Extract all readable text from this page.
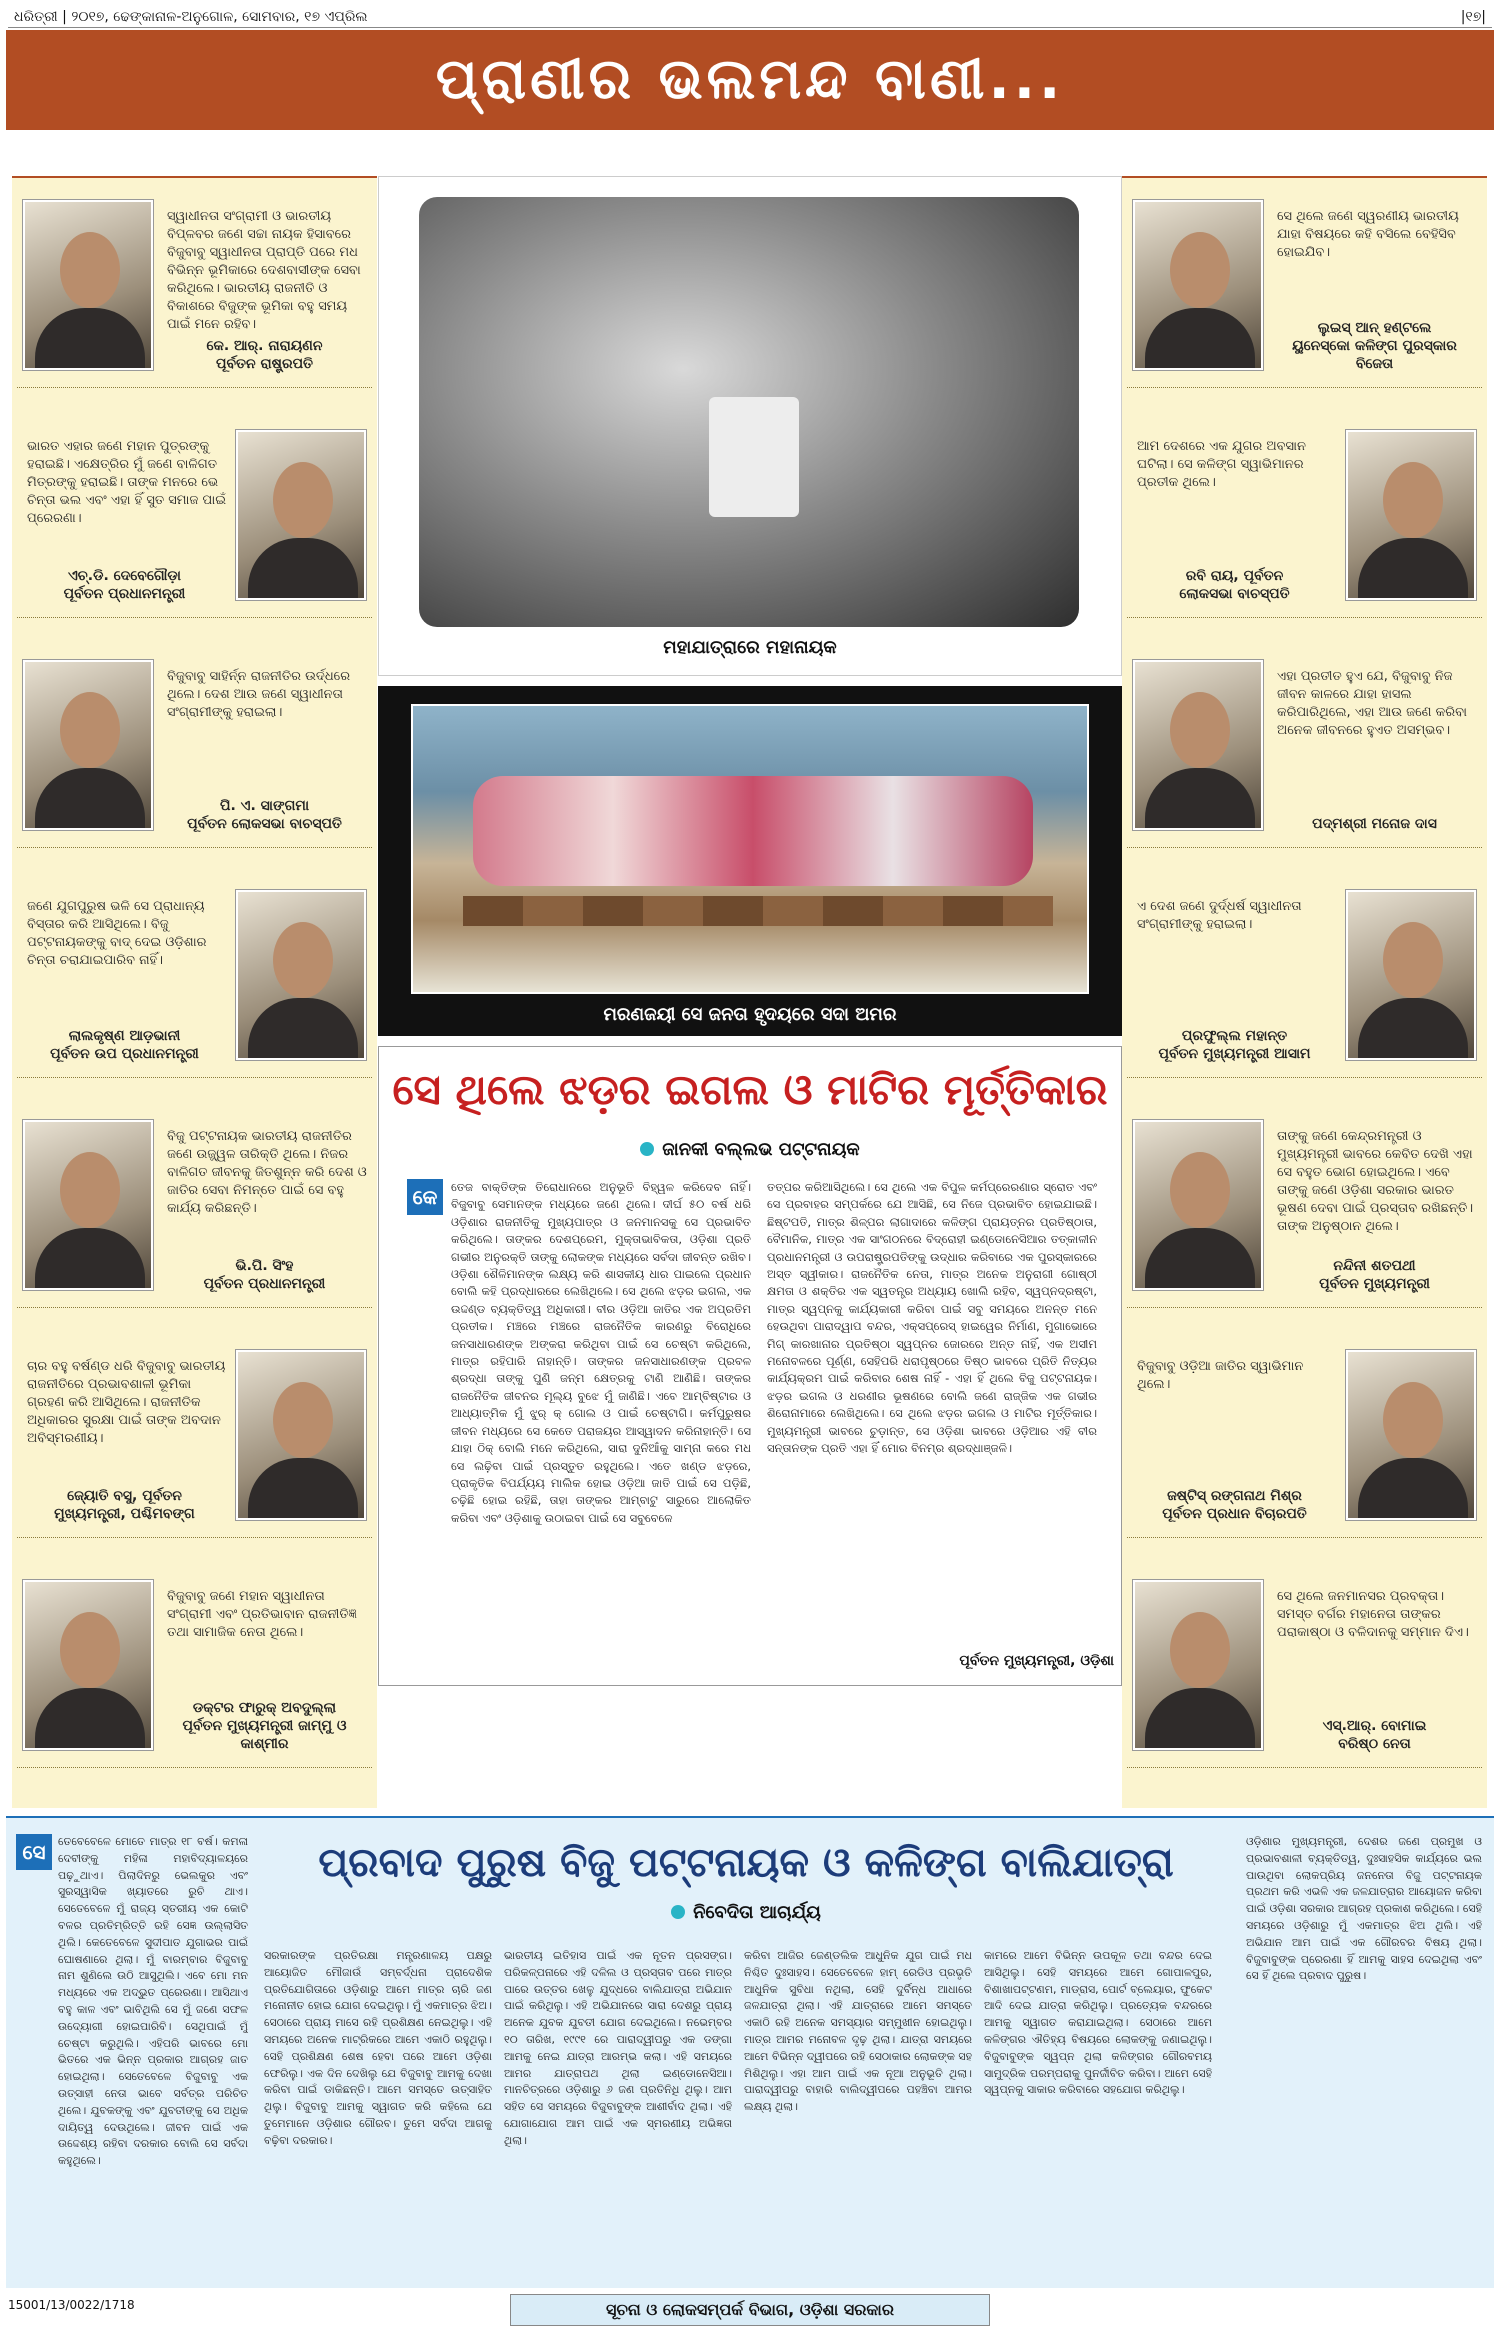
ଧରିତ୍ରୀ | ୨୦୧୭, ଢେଙ୍କାନାଳ-ଅନୁଗୋଳ, ସୋମବାର, ୧୭ ଏପ୍ରିଲ	|୧୭|
ପ୍ରାଣୀର ଭଲମନ୍ଦ ବାଣୀ...
ସ୍ୱାଧୀନତା ସଂଗ୍ରାମୀ ଓ ଭାରତୀୟ ବିପ୍ଳବର ଜଣେ ସଚ୍ଚା ନାୟକ ହିସାବରେ ବିଜୁବାବୁ ସ୍ୱାଧୀନତା ପ୍ରାପ୍ତି ପରେ ମଧ ବିଭିନ୍ନ ଭୂମିକାରେ ଦେଶବାସୀଙ୍କ ସେବା କରିଥିଲେ। ଭାରତୀୟ ରାଜନୀତି ଓ ବିକାଶରେ ବିଜୁଙ୍କ ଭୂମିକା ବହୁ ସମୟ ପାଇଁ ମନେ ରହିବ।
କେ. ଆର୍. ନାରାୟଣନ
ପୂର୍ବତନ ରାଷ୍ଟ୍ରପତି
ଭାରତ ଏହାର ଜଣେ ମହାନ ପୁତ୍ରଙ୍କୁ ହରାଇଛି। ଏକ୍ଷେତ୍ରିର ମୁଁ ଜଣେ ବାଳିଗତ ମିତ୍ରଙ୍କୁ ହରାଇଛି। ତାଙ୍କ ମନରେ ଭେ ଚିନ୍ତା ଭଲ ଏବଂ ଏହା ହିଁ ସୁତ ସମାଜ ପାଇଁ ପ୍ରେରଣା।
ଏଚ୍.ଡି. ଦେବେଗୌଡ଼ା
ପୂର୍ବତନ ପ୍ରଧାନମନ୍ତ୍ରୀ
ବିଜୁବାବୁ ସାହିର୍ନ୍ନ ରାଜନୀତିର ଉର୍ଦ୍ଧରେ ଥିଲେ। ଦେଶ ଆଉ ଜଣେ ସ୍ୱାଧୀନତା ସଂଗ୍ରାମୀଙ୍କୁ ହରାଇଲା।
ପି. ଏ. ସାଙ୍ଗମା
ପୂର୍ବତନ ଲୋକସଭା ବାଚସ୍ପତି
ଜଣେ ଯୁଗପୁରୁଷ ଭଳି ସେ ପ୍ରାଧାନ୍ୟ ବିସ୍ତାର କରି ଆସିଥିଲେ। ବିଜୁ ପଟ୍ଟନାୟକଙ୍କୁ ବାଦ୍ ଦେଇ ଓଡ଼ିଶାର ଚିନ୍ତା ଚରାଯାଇପାରିବ ନାହିଁ।
ଲାଲକୃଷ୍ଣ ଆଡ଼ଭାନୀ
ପୂର୍ବତନ ଉପ ପ୍ରଧାନମନ୍ତ୍ରୀ
ବିଜୁ ପଟ୍ଟନାୟକ ଭାରତୀୟ ରାଜନୀତିର ଜଣେ ଉଜ୍ଜ୍ୱଳ ତାରିକ୍ତି ଥିଲେ। ନିଜର ବାଳିଗତ ଜୀବନକୁ ଜିତଶୁନ୍ନ କରି ଦେଶ ଓ ଜାତିର ସେବା ନିମନ୍ତେ ପାଇଁ ସେ ବହୁ କାର୍ଯ୍ୟ କରିଛନ୍ତି।
ଭି.ପି. ସିଂହ
ପୂର୍ବତନ ପ୍ରଧାନମନ୍ତ୍ରୀ
ଚାର ବହୁ ବର୍ଷଣ୍ଡ ଧରି ବିଜୁବାବୁ ଭାରତୀୟ ରାଜନୀତିରେ ପ୍ରଭାବଶାଳୀ ଭୂମିକା ଗ୍ରହଣ କରି ଆସିଥିଲେ। ରାଜନୀତିକ ଅଧିକାରର ସୁରକ୍ଷା ପାଇଁ ତାଙ୍କ ଅବଦାନ ଅବିସ୍ମରଣୀୟ।
ଜ୍ୟୋତି ବସୁ, ପୂର୍ବତନ
ମୁଖ୍ୟମନ୍ତ୍ରୀ, ପଶ୍ଚିମବଙ୍ଗ
ବିଜୁବାବୁ ଜଣେ ମହାନ ସ୍ୱାଧୀନତା ସଂଗ୍ରାମୀ ଏବଂ ପ୍ରତିଭାବାନ ରାଜନୀତିଜ୍ଞ ତଥା ସାମାଜିକ ନେତା ଥିଲେ।
ଡକ୍ଟର ଫାରୁକ୍ ଅବଦୁଲ୍ଲା
ପୂର୍ବତନ ମୁଖ୍ୟମନ୍ତ୍ରୀ ଜାମ୍ମୁ ଓ କାଶ୍ମୀର
ସେ ଥିଲେ ଜଣେ ସ୍ୱରଣୀୟ ଭାରତୀୟ ଯାହା ବିଷୟରେ କହି ବସିଲେ ବେହିସିବ ହୋଇଯିବ।
ଲୁଇସ୍ ଆନ୍ ହଣ୍ଟଲେ
ୟୁନେସ୍କୋ କଳିଙ୍ଗ ପୁରସ୍କାର ବିଜେତା
ଆମ ଦେଶରେ ଏକ ଯୁଗର ଅବସାନ ଘଟିଲା। ସେ କଳିଙ୍ଗ ସ୍ୱାଭିମାନର ପ୍ରତୀକ ଥିଲେ।
ରବି ରାୟ, ପୂର୍ବତନ
ଲୋକସଭା ବାଚସ୍ପତି
ଏହା ପ୍ରତୀତ ହୁଏ ଯେ, ବିଜୁବାବୁ ନିଜ ଜୀବନ କାଳରେ ଯାହା ହାସଲ କରିପାରିଥିଲେ, ଏହା ଆଉ ଜଣେ କରିବା ଅନେକ ଜୀବନରେ ହୁଏତ ଅସମ୍ଭବ।
ପଦ୍ମଶ୍ରୀ ମନୋଜ ଦାସ
ଏ ଦେଶ ଜଣେ ଦୁର୍ଦ୍ଧର୍ଷ ସ୍ୱାଧୀନତା ସଂଗ୍ରାମୀଙ୍କୁ ହରାଇଲା।
ପ୍ରଫୁଲ୍ଲ ମହାନ୍ତ
ପୂର୍ବତନ ମୁଖ୍ୟମନ୍ତ୍ରୀ ଆସାମ
ତାଙ୍କୁ ଜଣେ କେନ୍ଦ୍ରମନ୍ତ୍ରୀ ଓ ମୁଖ୍ୟମନ୍ତ୍ରୀ ଭାବରେ କେବିତ ଦେଖି ଏହା ସେ ବହୁତ ଭୋଗ ହୋଇଥିଲେ। ଏବେ ତାଙ୍କୁ ଜଣେ ଓଡ଼ିଶା ସରକାର ଭାରତ ଭୂଷଣ ଦେବା ପାଇଁ ପ୍ରସ୍ତାବ ରଖିଛନ୍ତି। ତାଙ୍କ ଅନୁଷ୍ଠାନ ଥିଲେ।
ନନ୍ଦିନୀ ଶତପଥୀ
ପୂର୍ବତନ ମୁଖ୍ୟମନ୍ତ୍ରୀ
ବିଜୁବାବୁ ଓଡ଼ିଆ ଜାତିର ସ୍ୱାଭିମାନ ଥିଲେ।
ଜଷ୍ଟିସ୍ ରଙ୍ଗନାଥ ମିଶ୍ର
ପୂର୍ବତନ ପ୍ରଧାନ ବିଚାରପତି
ସେ ଥିଲେ ଜନମାନସର ପ୍ରବକ୍ତା। ସମସ୍ତ ବର୍ଗର ମହାନେତା ତାଙ୍କର ପରାକାଷ୍ଠା ଓ ବଳିଦାନକୁ ସମ୍ମାନ ଦିଏ।
ଏସ୍.ଆର୍. ବୋମାଇ
ବରିଷ୍ଠ ନେତା
ମହାଯାତ୍ରାରେ ମହାନାୟକ
ମରଣଜୟୀ ସେ ଜନତା ହୃଦୟରେ ସଦା ଅମର
ସେ ଥିଲେ ଝଡ଼ର ଇଗଲ ଓ ମାଟିର ମୂର୍ତ୍ତିକାର
ଜାନକୀ ବଲ୍ଲଭ ପଟ୍ଟନାୟକ
କେ	ତେଜ ବାକ୍ତିଙ୍କ ତିରୋଧାନରେ ଅନୁଭୂତି ବିହ୍ୱଳ କରିଦେବ ନାହିଁ। ବିଜୁବାବୁ ସେମାନଙ୍କ ମଧ୍ୟରେ ଜଣେ ଥିଲେ। ଦୀର୍ଘ ୫୦ ବର୍ଷ ଧରି ଓଡ଼ିଶାର ରାଜନୀତିକୁ ମୁଖ୍ୟପାତ୍ର ଓ ଜନମାନସକୁ ସେ ପ୍ରଭାବିତ କରିଥିଲେ। ତାଙ୍କର ଦେଶପ୍ରେମ, ମୁକ୍ତାଭାବିକତା, ଓଡ଼ିଶା ପ୍ରତି ଗଭୀର ଅନୁରକ୍ତି ତାଙ୍କୁ ଲୋକଙ୍କ ମଧ୍ୟରେ ସର୍ବଦା ଜୀବନ୍ତ ରଖିବ। ଓଡ଼ିଶା ଶୈଳିମାନଙ୍କ ଲକ୍ଷ୍ୟ କରି ଶାସକୀୟ ଧାର ପାଇଲେ ପ୍ରଧାନ ବୋଲି କହି ପ୍ରଦ୍ଧାରରେ ଲେଖିଥିଲେ। ସେ ଥିଲେ ଝଡ଼ର ଇଗଲ, ଏକ ଉଦ୍ଦଣ୍ଡ ବ୍ୟକ୍ତିତ୍ୱ ଅଧିକାରୀ। ବୀର ଓଡ଼ିଆ ଜାତିର ଏକ ଅପ୍ରତିମ ପ୍ରତୀକ। ମଞ୍ଚରେ ମଞ୍ଚରେ ରାଜନୈତିକ କାରଣରୁ ବିରୋଧିରେ ଜନସାଧାରଣଙ୍କ ଅଙ୍କରା କରିଥିବା ପାଇଁ ସେ ଚେଷ୍ଟା କରିଥିଲେ, ମାତ୍ର ରହିପାରି ନାହାନ୍ତି। ତାଙ୍କର ଜନସାଧାରଣଙ୍କ ପ୍ରବଳ ଶ୍ରଦ୍ଧା ତାଙ୍କୁ ପୁଣି ଜନ୍ମ କ୍ଷେତ୍ରକୁ ଟାଣି ଆଣିଛି। ତାଙ୍କର ରାଜନୈତିକ ଜୀବନର ମୂଲ୍ୟ ବୁଝେ ମୁଁ ଜାଣିଛି। ଏବେ ଆମ୍ବିଷ୍ଟାର ଓ ଆଧ୍ୟାତ୍ମିକ ମୁଁ ଝୁର୍ କ୍ ଗୋଲ ଓ ପାଇଁ ଚେଷ୍ଟାଗି। କର୍ମପୁରୁଷର ଜୀବନ ମଧ୍ୟରେ ସେ କେତେ ପରାଜୟର ଆସ୍ୱାଦନ କରିନାହାନ୍ତି। ସେ ଯାହା ଠିକ୍ ବୋଲି ମନେ କରିଥିଲେ, ସାରା ଦୁନିଆଁକୁ ସାମ୍ନା କରେ ମଧ ସେ ଲଢ଼ିବା ପାଇଁ ପ୍ରସ୍ତୁତ ରହୁଥିଲେ। ଏତେ ଖଣ୍ଡ ଝଡ଼ରେ, ପ୍ରାକୃତିକ ବିପର୍ଯ୍ୟୟ ମାଲିକ ହୋଇ ଓଡ଼ିଆ ଜାତି ପାଇଁ ସେ ପଡ଼ିଛି, ଚଢ଼ିଛି ହୋଇ ରହିଛି, ତାହା ତାଙ୍କର ଆମ୍ବାଟୁ ସାରୁରେ ଆଲୋକିତ କରିବା ଏବଂ ଓଡ଼ିଶାକୁ ଉଠାଇବା ପାଇଁ ସେ ସବୁବେଳେ
ତତ୍ପର କରିଆସିଥିଲେ। ସେ ଥିଲେ ଏକ ବିପୁଳ କର୍ମପ୍ରେରଣାର ସ୍ରୋତ ଏବଂ ସେ ପ୍ରବାହର ସମ୍ପର୍କରେ ଯେ ଆସିଛି, ସେ ନିଜେ ପ୍ରଭାବିତ ହୋଇଯାଇଛି। ଛିଷ୍ଟପତି, ମାତ୍ର ଶିଳ୍ପର ଲାଗାଦାରେ କଳିଙ୍ଗ ପ୍ରାୟତ୍ନର ପ୍ରତିଷ୍ଠାତା, ବୈମାନିକ, ମାତ୍ର ଏକ ସାଂଗଠନରେ ବିଦ୍ରୋହୀ ଇଣ୍ଡୋନେସିଆର ତତ୍କାଳୀନ ପ୍ରଧାନମନ୍ତ୍ରୀ ଓ ଉପରାଷ୍ଟ୍ରପତିଙ୍କୁ ଉଦ୍ଧାର କରିବାରେ ଏକ ପୁରସ୍କାରରେ ଅସ୍ତ ସ୍ୱୀକାର। ରାଜନୈତିକ ନେତା, ମାତ୍ର ଅନେକ ଅନୁରାଗୀ ଗୋଷ୍ଠୀ କ୍ଷମତା ଓ ଶକ୍ତିର ଏକ ସ୍ୱତନ୍ତ୍ର ଅଧ୍ୟାୟ ଖୋଲି ରହିବ, ସ୍ୱପ୍ନଦ୍ରଷ୍ଟା, ମାତ୍ର ସ୍ୱପ୍ନକୁ କାର୍ଯ୍ୟକାରୀ କରିବା ପାଇଁ ସବୁ ସମୟରେ ଅନନ୍ତ ମନେ ହେଉଥିବା ପାରାଦ୍ୱାପ ବନ୍ଦର, ଏକ୍ସପ୍ରେସ୍ ହାଇୱେର ନିର୍ମାଣ, ମୁଗାଭୋରେ ମିଗ୍ କାରଖାନାର ପ୍ରତିଷ୍ଠା ସ୍ୱପ୍ନର ଜୋରରେ ଅନ୍ତ ନାହିଁ, ଏକ ଅସୀମ ମନୋବଳରେ ପୂର୍ଣ୍ଣ, ସେହିପରି ଧରାପୃଷ୍ଠରେ ତିଷ୍ଠ ଭାବରେ ପ୍ରିତି ନିତ୍ୟର କାର୍ଯ୍ୟକ୍ରମ ପାଇଁ କରିବାର ଶେଷ ନାହିଁ - ଏହା ହିଁ ଥିଲେ ବିଜୁ ପଟ୍ଟନାୟକ। ଝଡ଼ର ଇଗଲ ଓ ଧରଣୀର ଭୂଷଣରେ ବୋଲି ଜଣେ ରାଜ୍ଜିକ ଏକ ଗଭୀର ଶିରୋନାମାରେ ଲେଖିଥିଲେ। ସେ ଥିଲେ ଝଡ଼ର ଇଗଲ ଓ ମାଟିର ମୂର୍ତ୍ତିକାର। ମୁଖ୍ୟମନ୍ତ୍ରୀ ଭାବରେ ଚୁଡ଼ାନ୍ତ, ସେ ଓଡ଼ିଶା ଭାବରେ ଓଡ଼ିଆର ଏହି ବୀର ସନ୍ତାନଙ୍କ ପ୍ରତି ଏହା ହିଁ ମୋର ବିନମ୍ର ଶ୍ରଦ୍ଧାଞ୍ଜଳି।
ପୂର୍ବତନ ମୁଖ୍ୟମନ୍ତ୍ରୀ, ଓଡ଼ିଶା
ସେ	ତେବେବେଳେ ମୋତେ ମାତ୍ର ୧୮ ବର୍ଷ। କମଳା ଦେବୀଙ୍କୁ ମହିଳା ମହାବିଦ୍ୟାଳୟରେ ପଢ଼ୁଥାଏ। ପିଲାଦିନରୁ ଭେଲକୁର ଏବଂ ସୁରସ୍ୱାସିକ ଖ୍ୟାତରେ ରୁଚି ଥାଏ। ସେତେବେଳେ ମୁଁ ରାଜ୍ୟ ସ୍ତରୀୟ ଏକ କୋଟି ବଳର ପ୍ରତିମ୍ରିତ୍ତି ରହି ସେଜ୍ଞ ଉଲ୍ଲାସିତ ଥିଲି। କେତେବେଳେ ସୁଦୀପାତ ଯୁଗାଭର ପାଇଁ ଘୋଷଣାରେ ଥିଲା। ମୁଁ ବାରମ୍ବାର ବିଜୁବାବୁ ନାମ ଶୁଣିଲେ ଉଠି ଆସୁଥିଲି। ଏବେ ମୋ ମନ ମଧ୍ୟରେ ଏକ ଅଦ୍ଭୁତ ପ୍ରେରଣା। ଆସିଥାଏ ବହୁ କାଳ ଏବଂ ଭାବିଥିଲି ସେ ମୁଁ ଜଣେ ସଫଳ ଉଦ୍ୟୋଗୀ ହୋଇପାରିବି। ସେଥିପାଇଁ ମୁଁ ଚେଷ୍ଟା କରୁଥିଲି। ଏହିପରି ଭାବରେ ମୋ ଭିତରେ ଏକ ଭିନ୍ନ ପ୍ରକାର ଆଗ୍ରହ ଜାତ ହୋଇଥିଲା। ସେତେବେଳେ ବିଜୁବାବୁ ଏକ ଉତ୍ସାହୀ ନେତା ଭାବେ ସର୍ବତ୍ର ପରିଚିତ ଥିଲେ। ଯୁବକଙ୍କୁ ଏବଂ ଯୁବତୀଙ୍କୁ ସେ ଅଧିକ ଦାୟିତ୍ୱ ଦେଉଥିଲେ। ଜୀବନ ପାଇଁ ଏକ ଉଦ୍ଦେଶ୍ୟ ରହିବା ଦରକାର ବୋଲି ସେ ସର୍ବଦା କହୁଥିଲେ।
ପ୍ରବାଦ ପୁରୁଷ ବିଜୁ ପଟ୍ଟନାୟକ ଓ କଳିଙ୍ଗ ବାଲିଯାତ୍ରା
ନିବେଦିତା ଆଚାର୍ଯ୍ୟ
ସରକାରଙ୍କ ପ୍ରତିରକ୍ଷା ମନ୍ତ୍ରଣାଳୟ ପକ୍ଷରୁ ଆୟୋଜିତ ମୌଜାଉଁ ସମ୍ବର୍ଦ୍ଧନା ପ୍ରାଦେଶିକ ପ୍ରତିଯୋଗିତାରେ ଓଡ଼ିଶାରୁ ଆମେ ମାତ୍ର ଚାରି ଜଣ ମନୋନୀତ ହୋଇ ଯୋଗ ଦେଇଥିଲୁ। ମୁଁ ଏକମାତ୍ର ଝିଅ। ସେଠାରେ ପ୍ରାୟ ମାସେ ରହି ପ୍ରଶିକ୍ଷଣ ନେଇଥିଲୁ। ଏହି ସମୟରେ ଅନେକ ମାଟ୍ରିକରେ ଆମେ ଏକାଠି ରହୁଥିଲୁ। ସେହି ପ୍ରଶିକ୍ଷଣ ଶେଷ ହେବା ପରେ ଆମେ ଓଡ଼ିଶା ଫେରିଲୁ। ଏକ ଦିନ ଦେଖିଲୁ ଯେ ବିଜୁବାବୁ ଆମକୁ ଦେଖା କରିବା ପାଇଁ ଡାକିଛନ୍ତି। ଆମେ ସମସ୍ତେ ଉତ୍ସାହିତ ଥିଲୁ। ବିଜୁବାବୁ ଆମକୁ ସ୍ୱାଗତ କରି କହିଲେ ଯେ ତୁମେମାନେ ଓଡ଼ିଶାର ଗୌରବ। ତୁମେ ସର୍ବଦା ଆଗକୁ ବଢ଼ିବା ଦରକାର।
ଭାରତୀୟ ଇତିହାସ ପାଇଁ ଏକ ନୂତନ ପ୍ରସଙ୍ଗ। ପରିକଳ୍ପନାରେ ଏହି ଦଳିଲ ଓ ପ୍ରସ୍ତାବ ପରେ ମାତ୍ର ପାରେ ଉତ୍ତର ଖେଳୁ ଯୁଦ୍ଧରେ ବାଲିଯାତ୍ରା ଅଭିଯାନ ପାଇଁ କରିଥିଲୁ। ଏହି ଅଭିଯାନରେ ସାରା ଦେଶରୁ ପ୍ରାୟ ଅନେକ ଯୁବକ ଯୁବତୀ ଯୋଗ ଦେଇଥିଲେ। ନଭେମ୍ବର ୧୦ ତାରିଖ, ୧୯୯୧ ରେ ପାରାଦ୍ୱୀପରୁ ଏକ ଡଙ୍ଗା ଆମକୁ ନେଇ ଯାତ୍ରା ଆରମ୍ଭ କଲା। ଏହି ସମୟରେ ଆମର ଯାତ୍ରାପଥ ଥିଲା ଇଣ୍ଡୋନେସିଆ। ମାନଚିତ୍ରରେ ଓଡ଼ିଶାରୁ ୬ ଜଣ ପ୍ରତିନିଧି ଥିଲୁ। ଆମ ସହିତ ସେ ସମୟରେ ବିଜୁବାବୁଙ୍କ ଆଶୀର୍ବାଦ ଥିଲା। ଏହି ଯୋଗାଯୋଗ ଆମ ପାଇଁ ଏକ ସ୍ମରଣୀୟ ଅଭିଜ୍ଞତା ଥିଲା।
କରିବା ଆଜିର ଜେଣ୍ଡଲିକ ଆଧୁନିକ ଯୁଗ ପାଇଁ ମଧ ନିଶ୍ଚିତ ଦୁଃସାହସ। ସେତେବେଳେ ହାମ୍ ରେଡିଓ ପ୍ରଭୃତି ଆଧୁନିକ ସୁବିଧା ନଥିଲା, ସେହି ଦୁର୍ବିନ୍ଧ ଆଧାରେ ଜଳଯାତ୍ରା ଥିଲା। ଏହି ଯାତ୍ରାରେ ଆମେ ସମସ୍ତେ ଏକାଠି ରହି ଅନେକ ସମସ୍ୟାର ସମ୍ମୁଖୀନ ହୋଇଥିଲୁ। ମାତ୍ର ଆମର ମନୋବଳ ଦୃଢ଼ ଥିଲା। ଯାତ୍ରା ସମୟରେ ଆମେ ବିଭିନ୍ନ ଦ୍ୱୀପରେ ରହି ସେଠାକାର ଲୋକଙ୍କ ସହ ମିଶିଥିଲୁ। ଏହା ଆମ ପାଇଁ ଏକ ନୂଆ ଅନୁଭୂତି ଥିଲା। ପାରାଦ୍ୱୀପରୁ ବାହାରି ବାଲିଦ୍ୱୀପରେ ପହଞ୍ଚିବା ଆମର ଲକ୍ଷ୍ୟ ଥିଲା।
କାମରେ ଆମେ ବିଭିନ୍ନ ଉପକୂଳ ତଥା ବନ୍ଦର ଦେଇ ଆସିଥିଲୁ। ସେହି ସମୟରେ ଆମେ ଗୋପାଳପୁର, ବିଶାଖାପଟ୍ଟଣମ, ମାଡ୍ରାସ, ପୋର୍ଟ ବ୍ଲେୟାର, ଫୁକେଟ ଆଦି ଦେଇ ଯାତ୍ରା କରିଥିଲୁ। ପ୍ରତ୍ୟେକ ବନ୍ଦରରେ ଆମକୁ ସ୍ୱାଗତ କରାଯାଇଥିଲା। ସେଠାରେ ଆମେ କଳିଙ୍ଗର ଐତିହ୍ୟ ବିଷୟରେ ଲୋକଙ୍କୁ ଜଣାଇଥିଲୁ। ବିଜୁବାବୁଙ୍କ ସ୍ୱପ୍ନ ଥିଲା କଳିଙ୍ଗର ଗୌରବମୟ ସାମୁଦ୍ରିକ ପରମ୍ପରାକୁ ପୁନର୍ଜୀବିତ କରିବା। ଆମେ ସେହି ସ୍ୱପ୍ନକୁ ସାକାର କରିବାରେ ସହଯୋଗ କରିଥିଲୁ।
ଓଡ଼ିଶାର ମୁଖ୍ୟମନ୍ତ୍ରୀ, ଦେଶର ଜଣେ ପ୍ରମୁଖ ଓ ପ୍ରଭାବଶାଳୀ ବ୍ୟକ୍ତିତ୍ୱ, ଦୁଃସାହସିକ କାର୍ଯ୍ୟରେ ଭଲ ପାଉଥିବା ଲୋକପ୍ରିୟ ଜନନେତା ବିଜୁ ପଟ୍ଟନାୟକ ପ୍ରଥମ କରି ଏଭଳି ଏକ ଜଳଯାତ୍ରାର ଆୟୋଜନ କରିବା ପାଇଁ ଓଡ଼ିଶା ସରକାର ଆଗ୍ରହ ପ୍ରକାଶ କରିଥିଲେ। ସେହି ସମୟରେ ଓଡ଼ିଶାରୁ ମୁଁ ଏକମାତ୍ର ଝିଅ ଥିଲି। ଏହି ଅଭିଯାନ ଆମ ପାଇଁ ଏକ ଗୌରବର ବିଷୟ ଥିଲା। ବିଜୁବାବୁଙ୍କ ପ୍ରେରଣା ହିଁ ଆମକୁ ସାହସ ଦେଇଥିଲା ଏବଂ ସେ ହିଁ ଥିଲେ ପ୍ରବାଦ ପୁରୁଷ।
15001/13/0022/1718	ସୂଚନା ଓ ଲୋକସମ୍ପର୍କ ବିଭାଗ, ଓଡ଼ିଶା ସରକାର
